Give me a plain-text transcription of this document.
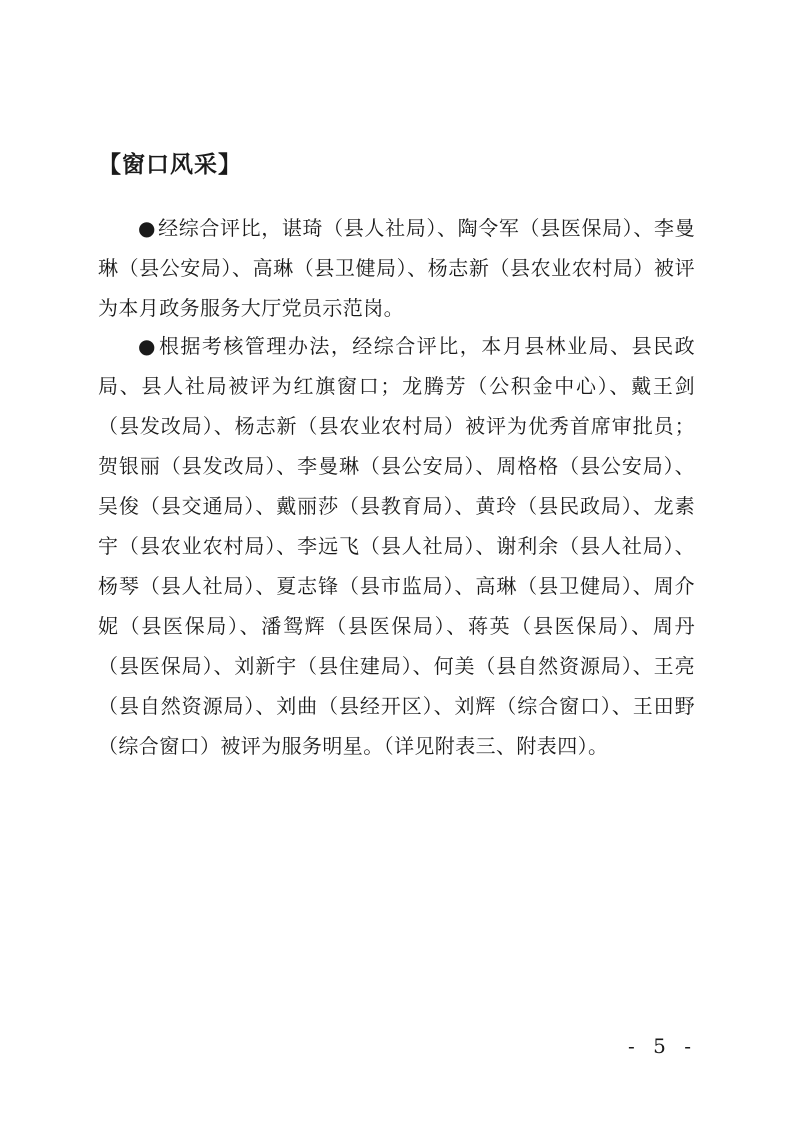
【窗口风采】

● 经综合评比，谌琦（县人社局）、陶令军（县医保局）、李曼琳（县公安局）、高琳（县卫健局）、杨志新（县农业农村局）被评为本月政务服务大厅党员示范岗。

● 根据考核管理办法，经综合评比，本月县林业局、县民政局、县人社局被评为红旗窗口；龙腾芳（公积金中心）、戴王剑（县发改局）、杨志新（县农业农村局）被评为优秀首席审批员；贺银丽（县发改局）、李曼琳（县公安局）、周格格（县公安局）、吴俊（县交通局）、戴丽莎（县教育局）、黄玲（县民政局）、龙素宇（县农业农村局）、李远飞（县人社局）、谢利余（县人社局）、杨琴（县人社局）、夏志锋（县市监局）、高琳（县卫健局）、周介妮（县医保局）、潘鸳辉（县医保局）、蒋英（县医保局）、周丹（县医保局）、刘新宇（县住建局）、何美（县自然资源局）、王亮（县自然资源局）、刘曲（县经开区）、刘辉（综合窗口）、王田野（综合窗口）被评为服务明星。（详见附表三、附表四）。

- 5 -
